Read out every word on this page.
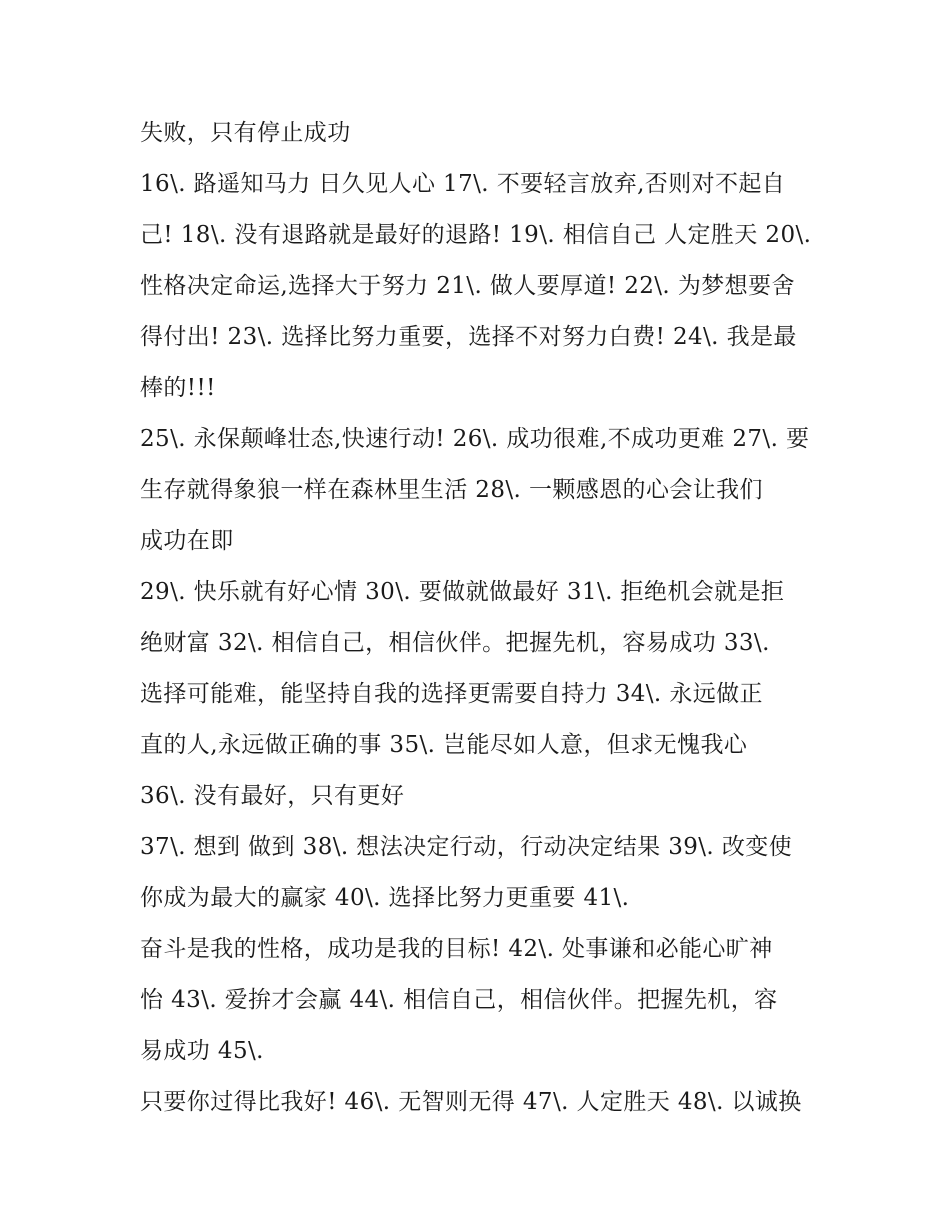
失败，只有停止成功
16\. 路遥知马力 日久见人心 17\. 不要轻言放弃,否则对不起自
己! 18\. 没有退路就是最好的退路! 19\. 相信自己 人定胜天 20\.
性格决定命运,选择大于努力 21\. 做人要厚道! 22\. 为梦想要舍
得付出! 23\. 选择比努力重要，选择不对努力白费! 24\. 我是最
棒的!!!
25\. 永保颠峰壮态,快速行动! 26\. 成功很难,不成功更难 27\. 要
生存就得象狼一样在森林里生活 28\. 一颗感恩的心会让我们
成功在即
29\. 快乐就有好心情 30\. 要做就做最好 31\. 拒绝机会就是拒
绝财富 32\. 相信自己，相信伙伴。把握先机，容易成功 33\.
选择可能难，能坚持自我的选择更需要自持力 34\. 永远做正
直的人,永远做正确的事 35\. 岂能尽如人意，但求无愧我心
36\. 没有最好，只有更好
37\. 想到 做到 38\. 想法决定行动，行动决定结果 39\. 改变使
你成为最大的赢家 40\. 选择比努力更重要 41\.
奋斗是我的性格，成功是我的目标! 42\. 处事谦和必能心旷神
怡 43\. 爱拚才会赢 44\. 相信自己，相信伙伴。把握先机，容
易成功 45\.
只要你过得比我好! 46\. 无智则无得 47\. 人定胜天 48\. 以诚换
